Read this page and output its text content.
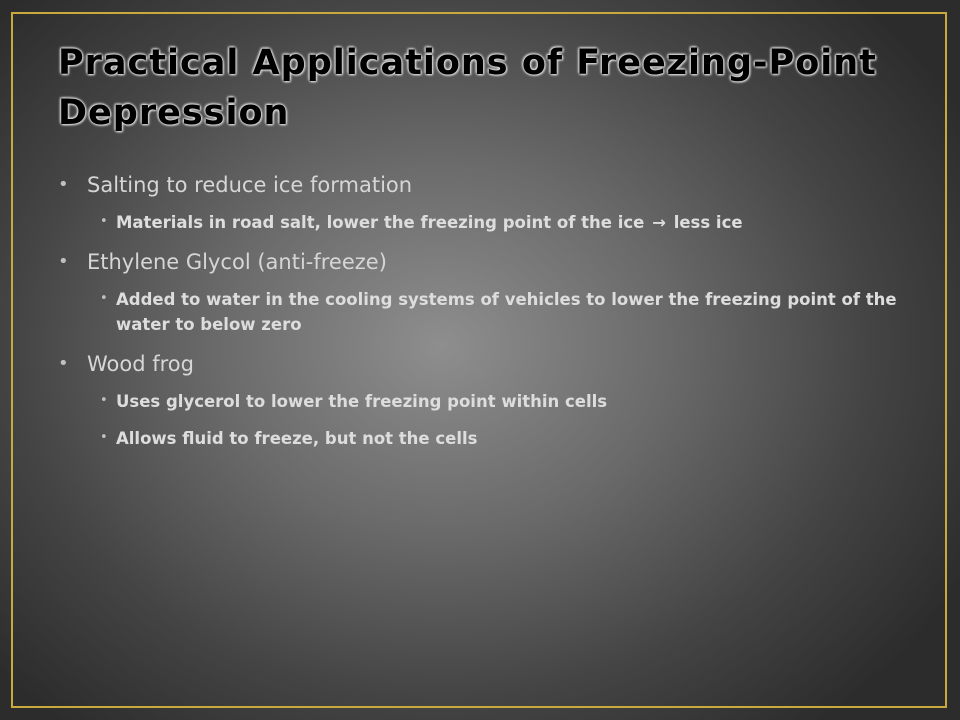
Practical Applications of Freezing-Point Depression
• Salting to reduce ice formation
• Materials in road salt, lower the freezing point of the ice → less ice
• Ethylene Glycol (anti-freeze)
• Added to water in the cooling systems of vehicles to lower the freezing point of the water to below zero
• Wood frog
• Uses glycerol to lower the freezing point within cells
• Allows fluid to freeze, but not the cells
